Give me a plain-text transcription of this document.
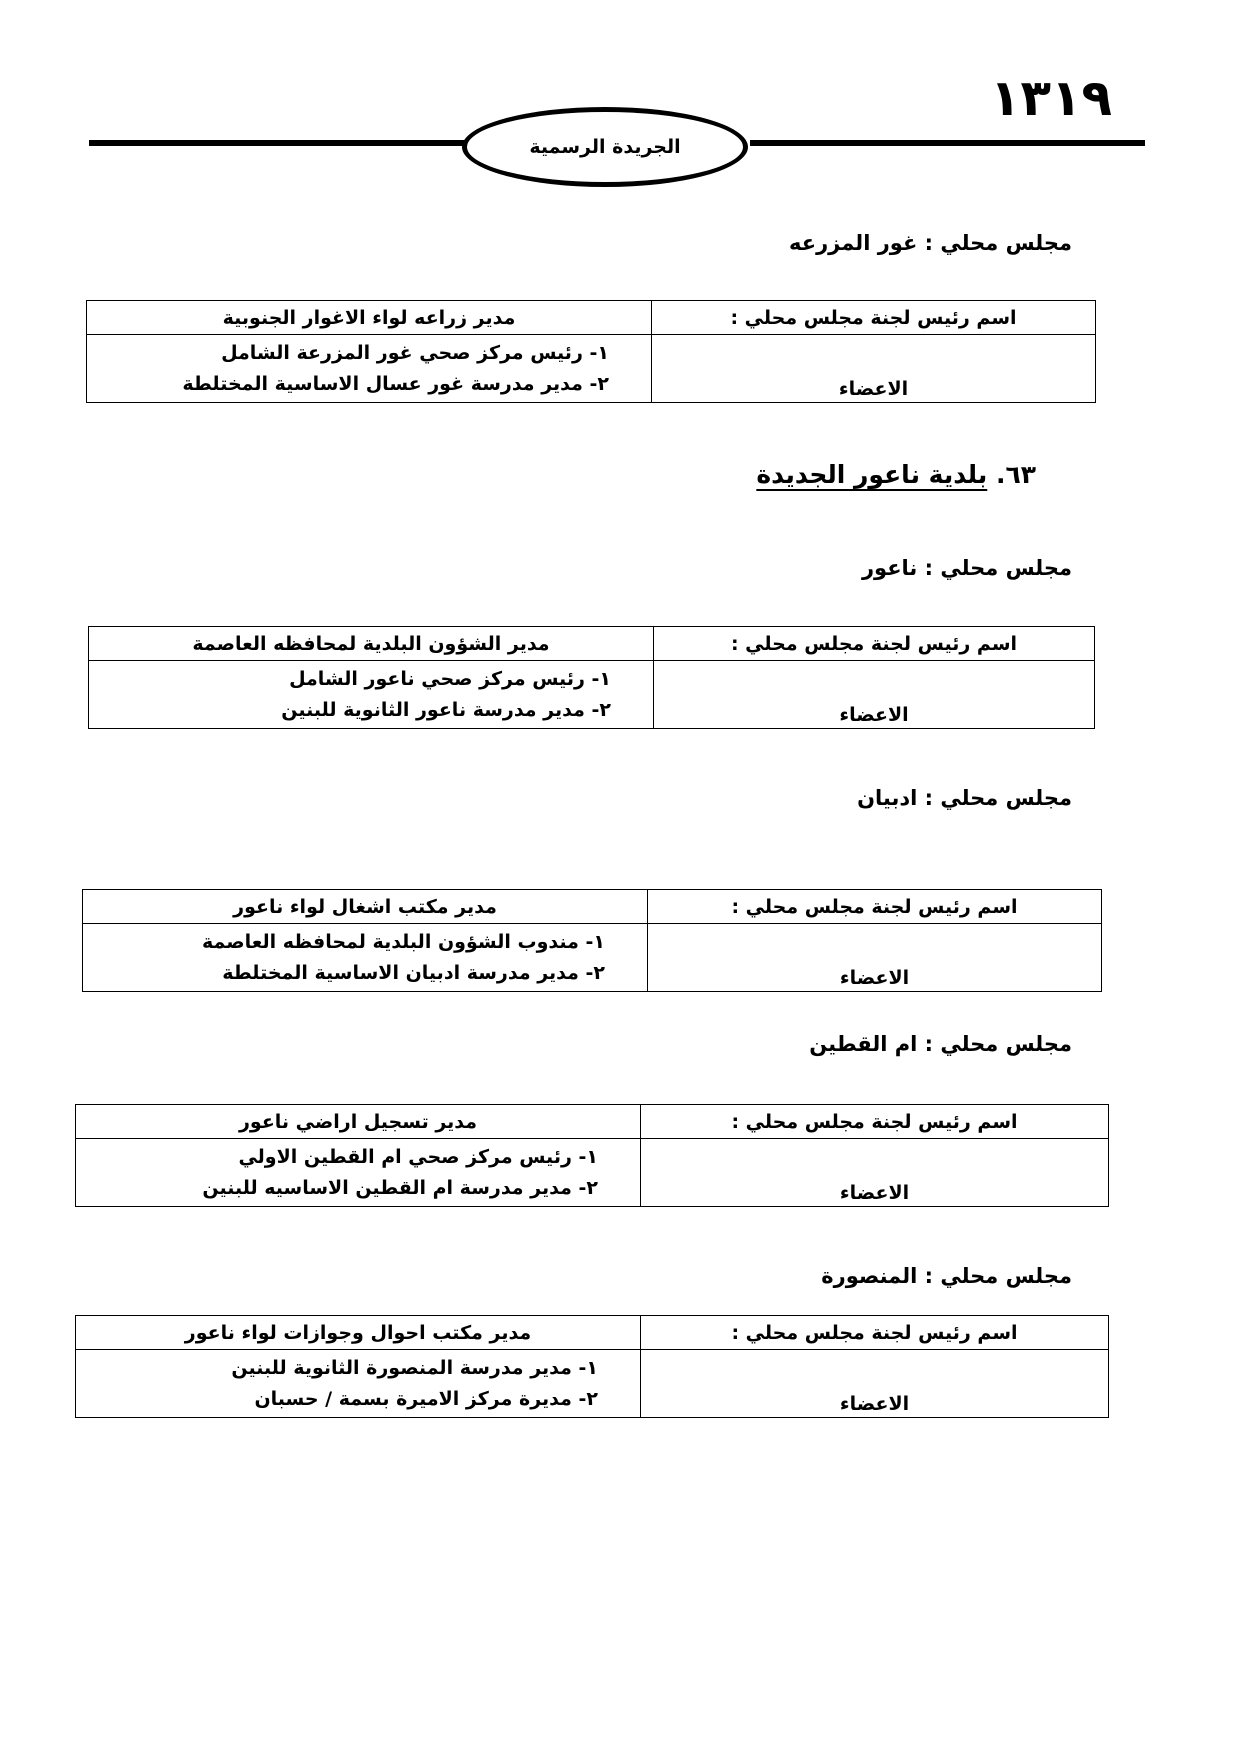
١٣١٩
الجريدة الرسمية
مجلس محلي : غور المزرعه
اسم رئيس لجنة مجلس محلي :	مدير زراعه لواء الاغوار الجنوبية
الاعضاء	١- رئيس مركز صحي غور المزرعة الشامل
٢- مدير مدرسة غور عسال الاساسية المختلطة
٦٣. بلدية ناعور الجديدة
مجلس محلي : ناعور
اسم رئيس لجنة مجلس محلي :	مدير الشؤون البلدية لمحافظه العاصمة
الاعضاء	١- رئيس مركز صحي ناعور الشامل
٢- مدير مدرسة ناعور الثانوية للبنين
مجلس محلي : ادبيان
اسم رئيس لجنة مجلس محلي :	مدير مكتب اشغال لواء ناعور
الاعضاء	١- مندوب الشؤون البلدية لمحافظه العاصمة
٢- مدير مدرسة ادبيان الاساسية المختلطة
مجلس محلي : ام القطين
اسم رئيس لجنة مجلس محلي :	مدير تسجيل اراضي ناعور
الاعضاء	١- رئيس مركز صحي ام القطين الاولي
٢- مدير مدرسة ام القطين الاساسيه للبنين
مجلس محلي : المنصورة
اسم رئيس لجنة مجلس محلي :	مدير مكتب احوال وجوازات لواء ناعور
الاعضاء	١- مدير مدرسة المنصورة الثانوية للبنين
٢- مديرة مركز الاميرة بسمة / حسبان
